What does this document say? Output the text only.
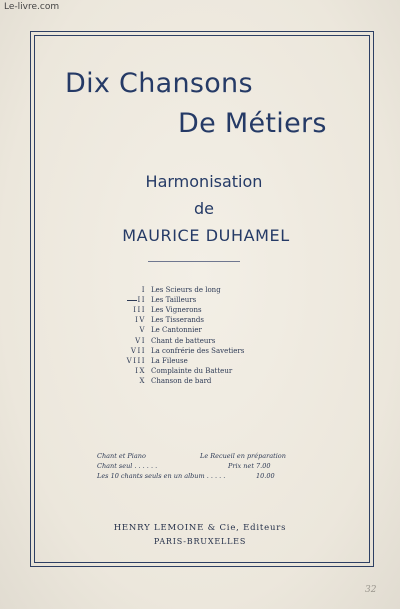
Le-livre.com
Dix Chansons
De Métiers
Harmonisation
de
MAURICE DUHAMEL
I Les Scieurs de long
II Les Tailleurs
III Les Vignerons
IV Les Tisserands
V Le Cantonnier
VI Chant de batteurs
VII La confrérie des Savetiers
VIII La Fileuse
IX Complainte du Batteur
X Chanson de bard
Chant et Piano	Le Recueil en préparation
Chant seul . . . . . .	Prix net 7.00
Les 10 chants seuls en un album . . . . .	10.00
HENRY LEMOINE & Cie, Editeurs
PARIS-BRUXELLES
32
